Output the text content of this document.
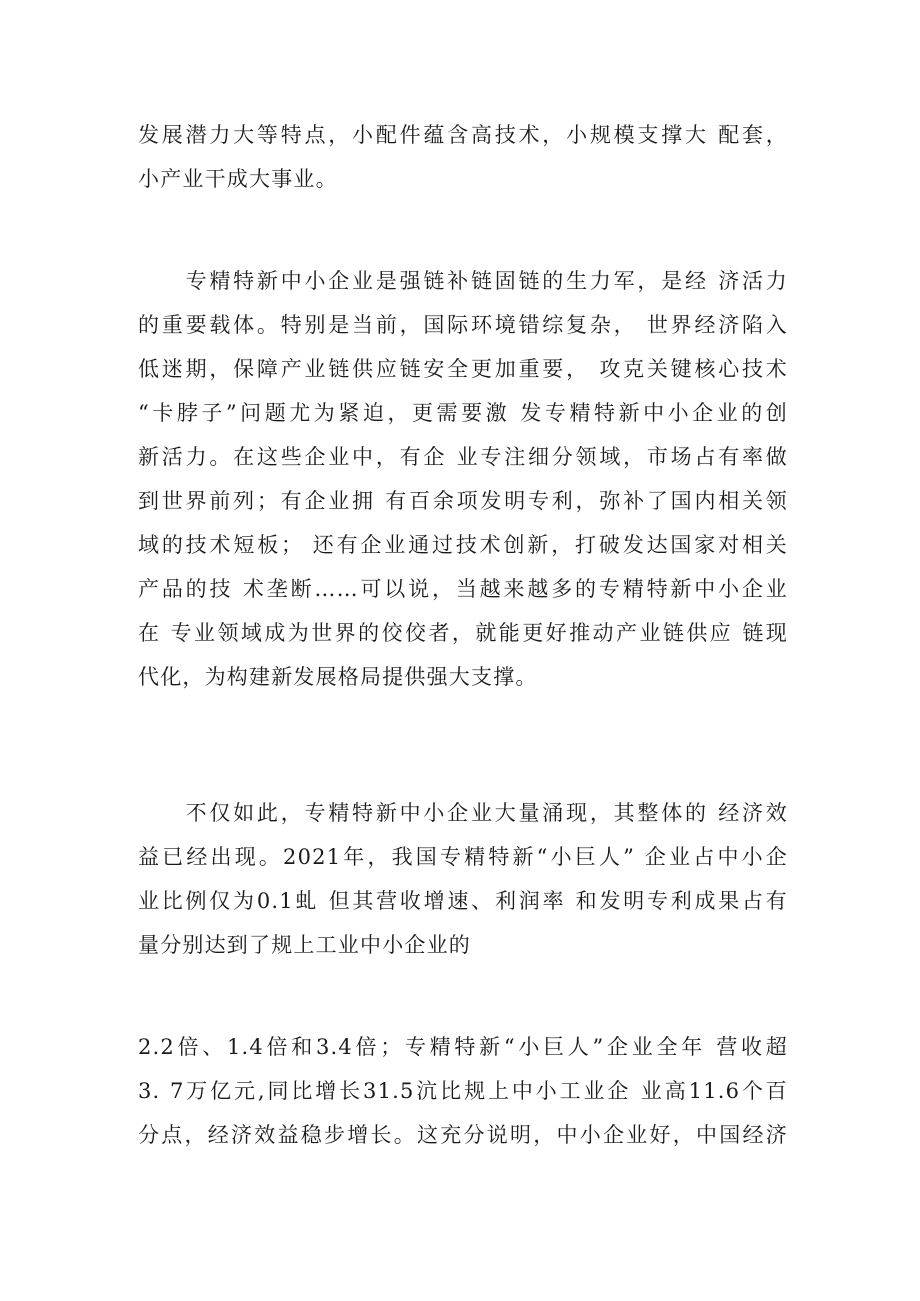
发展潜力大等特点，小配件蕴含高技术，小规模支撑大 配套，
小产业干成大事业。
　　专精特新中小企业是强链补链固链的生力军，是经 济活力
的重要载体。特别是当前，国际环境错综复杂， 世界经济陷入
低迷期，保障产业链供应链安全更加重要， 攻克关键核心技术
“卡脖子”问题尤为紧迫，更需要激 发专精特新中小企业的创
新活力。在这些企业中，有企 业专注细分领域，市场占有率做
到世界前列；有企业拥 有百余项发明专利，弥补了国内相关领
域的技术短板； 还有企业通过技术创新，打破发达国家对相关
产品的技 术垄断……可以说，当越来越多的专精特新中小企业
在 专业领域成为世界的佼佼者，就能更好推动产业链供应 链现
代化，为构建新发展格局提供强大支撑。
　　不仅如此，专精特新中小企业大量涌现，其整体的 经济效
益已经出现。2021年，我国专精特新“小巨人” 企业占中小企
业比例仅为0.1虬 但其营收增速、利润率 和发明专利成果占有
量分别达到了规上工业中小企业的
2.2倍、1.4倍和3.4倍；专精特新“小巨人”企业全年 营收超
3. 7万亿元,同比增长31.5沆比规上中小工业企 业高11.6个百
分点，经济效益稳步增长。这充分说明，中小企业好，中国经济
